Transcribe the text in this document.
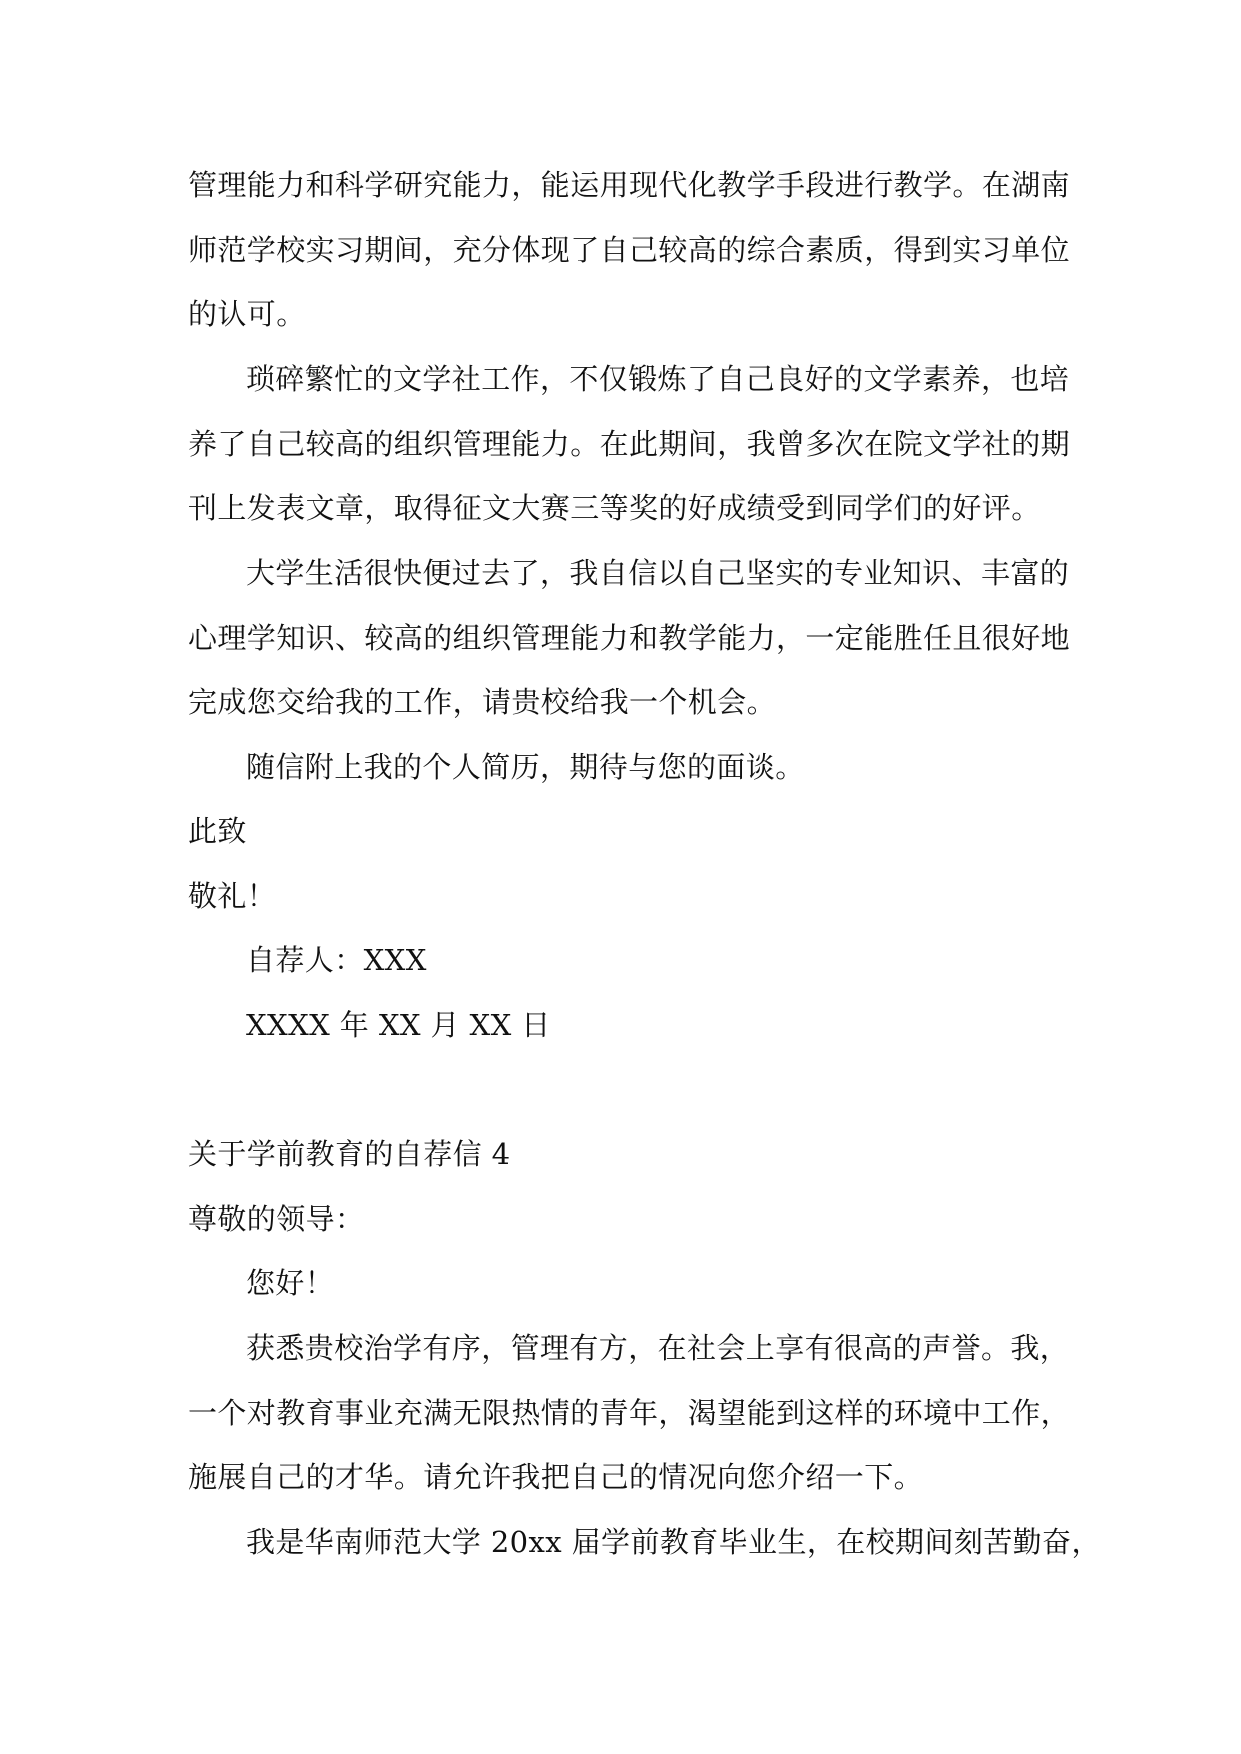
管理能力和科学研究能力，能运用现代化教学手段进行教学。在湖南
师范学校实习期间，充分体现了自己较高的综合素质，得到实习单位
的认可。
琐碎繁忙的文学社工作，不仅锻炼了自己良好的文学素养，也培
养了自己较高的组织管理能力。在此期间，我曾多次在院文学社的期
刊上发表文章，取得征文大赛三等奖的好成绩受到同学们的好评。
大学生活很快便过去了，我自信以自己坚实的专业知识、丰富的
心理学知识、较高的组织管理能力和教学能力，一定能胜任且很好地
完成您交给我的工作，请贵校给我一个机会。
随信附上我的个人简历，期待与您的面谈。
此致
敬礼！
自荐人：XXX
XXXX 年 XX 月 XX 日
关于学前教育的自荐信 4
尊敬的领导：
您好！
获悉贵校治学有序，管理有方，在社会上享有很高的声誉。我，
一个对教育事业充满无限热情的青年，渴望能到这样的环境中工作，
施展自己的才华。请允许我把自己的情况向您介绍一下。
我是华南师范大学 20xx 届学前教育毕业生，在校期间刻苦勤奋，
